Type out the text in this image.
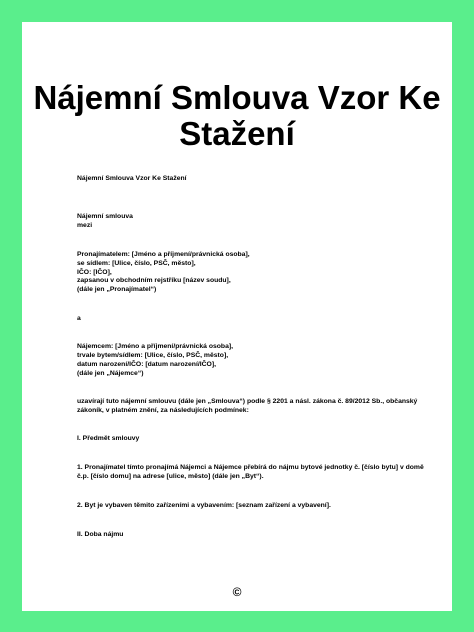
Nájemní Smlouva Vzor Ke Stažení
Nájemní Smlouva Vzor Ke Stažení
Nájemní smlouva
mezi
Pronajímatelem: [Jméno a příjmení/právnická osoba],
se sídlem: [Ulice, číslo, PSČ, město],
IČO: [IČO],
zapsanou v obchodním rejstříku [název soudu],
(dále jen „Pronajímatel“)
a
Nájemcem: [Jméno a příjmení/právnická osoba],
trvale bytem/sídlem: [Ulice, číslo, PSČ, město],
datum narození/IČO: [datum narození/IČO],
(dále jen „Nájemce“)
uzavírají tuto nájemní smlouvu (dále jen „Smlouva“) podle § 2201 a násl. zákona č. 89/2012 Sb., občanský
zákoník, v platném znění, za následujících podmínek:
I. Předmět smlouvy
1. Pronajímatel tímto pronajímá Nájemci a Nájemce přebírá do nájmu bytové jednotky č. [číslo bytu] v domě
č.p. [číslo domu] na adrese [ulice, město] (dále jen „Byt“).
2. Byt je vybaven těmito zařízeními a vybavením: [seznam zařízení a vybavení].
II. Doba nájmu
©
